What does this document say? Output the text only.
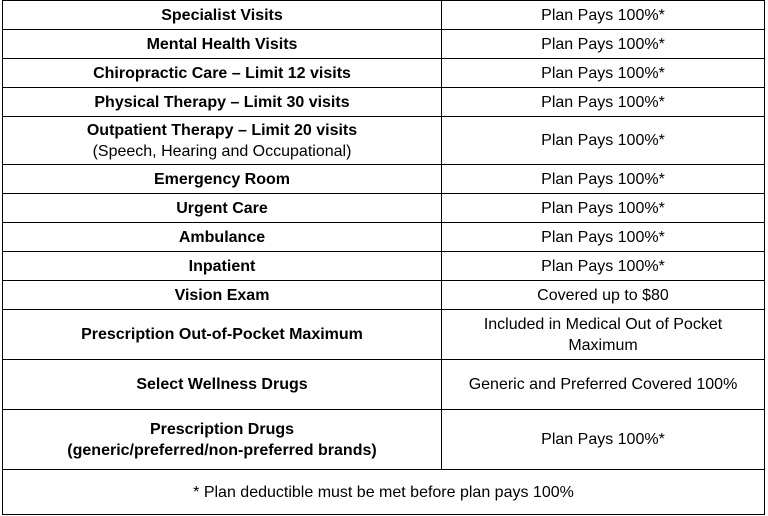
Specialist Visits	Plan Pays 100%*
Mental Health Visits	Plan Pays 100%*
Chiropractic Care – Limit 12 visits	Plan Pays 100%*
Physical Therapy – Limit 30 visits	Plan Pays 100%*

Outpatient Therapy – Limit 20 visits
(Speech, Hearing and Occupational)	Plan Pays 100%*
Emergency Room	Plan Pays 100%*
Urgent Care	Plan Pays 100%*
Ambulance	Plan Pays 100%*
Inpatient	Plan Pays 100%*
Vision Exam	Covered up to $80
Prescription Out-of-Pocket Maximum	Included in Medical Out of Pocket
Maximum

Select Wellness Drugs	Generic and Preferred Covered 100%

Prescription Drugs
(generic/preferred/non-preferred brands)	Plan Pays 100%*
* Plan deductible must be met before plan pays 100%	
